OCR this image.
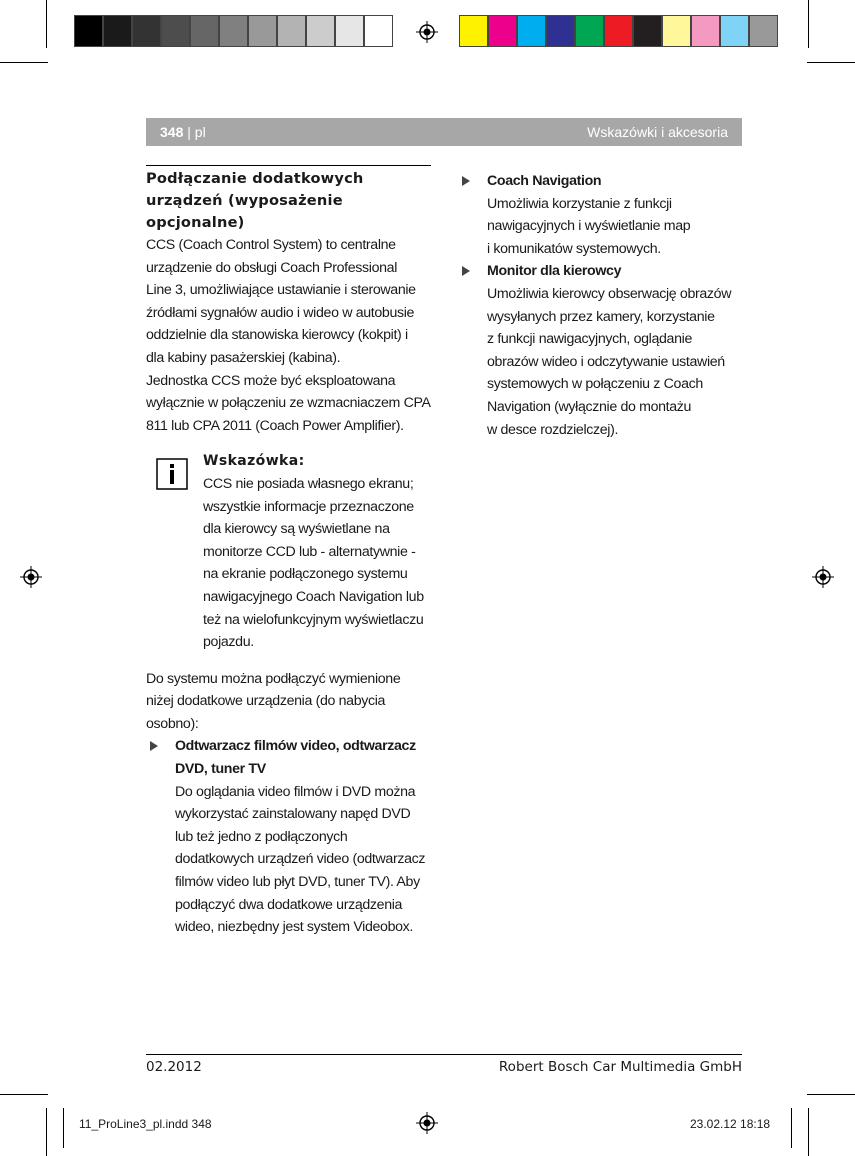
348 | pl	Wskazówki i akcesoria
Podłączanie dodatkowych urządzeń (wyposażenie opcjonalne)
CCS (Coach Control System) to centralne
urządzenie do obsługi Coach Professional
Line 3, umożliwiające ustawianie i sterowanie
źródłami sygnałów audio i wideo w autobusie
oddzielnie dla stanowiska kierowcy (kokpit) i
dla kabiny pasażerskiej (kabina).
Jednostka CCS może być eksploatowana
wyłącznie w połączeniu ze wzmacniaczem CPA
811 lub CPA 2011 (Coach Power Amplifier).
Wskazówka:
CCS nie posiada własnego ekranu;
wszystkie informacje przeznaczone
dla kierowcy są wyświetlane na
monitorze CCD lub - alternatywnie -
na ekranie podłączonego systemu
nawigacyjnego Coach Navigation lub
też na wielofunkcyjnym wyświetlaczu
pojazdu.
Do systemu można podłączyć wymienione
niżej dodatkowe urządzenia (do nabycia
osobno):
Odtwarzacz filmów video, odtwarzacz
DVD, tuner TV
Do oglądania video filmów i DVD można
wykorzystać zainstalowany napęd DVD
lub też jedno z podłączonych
dodatkowych urządzeń video (odtwarzacz
filmów video lub płyt DVD, tuner TV). Aby
podłączyć dwa dodatkowe urządzenia
wideo, niezbędny jest system Videobox.
Coach Navigation
Umożliwia korzystanie z funkcji
nawigacyjnych i wyświetlanie map
i komunikatów systemowych.
Monitor dla kierowcy
Umożliwia kierowcy obserwację obrazów
wysyłanych przez kamery, korzystanie
z funkcji nawigacyjnych, oglądanie
obrazów wideo i odczytywanie ustawień
systemowych w połączeniu z Coach
Navigation (wyłącznie do montażu
w desce rozdzielczej).
02.2012	Robert Bosch Car Multimedia GmbH
11_ProLine3_pl.indd 348	23.02.12 18:18
